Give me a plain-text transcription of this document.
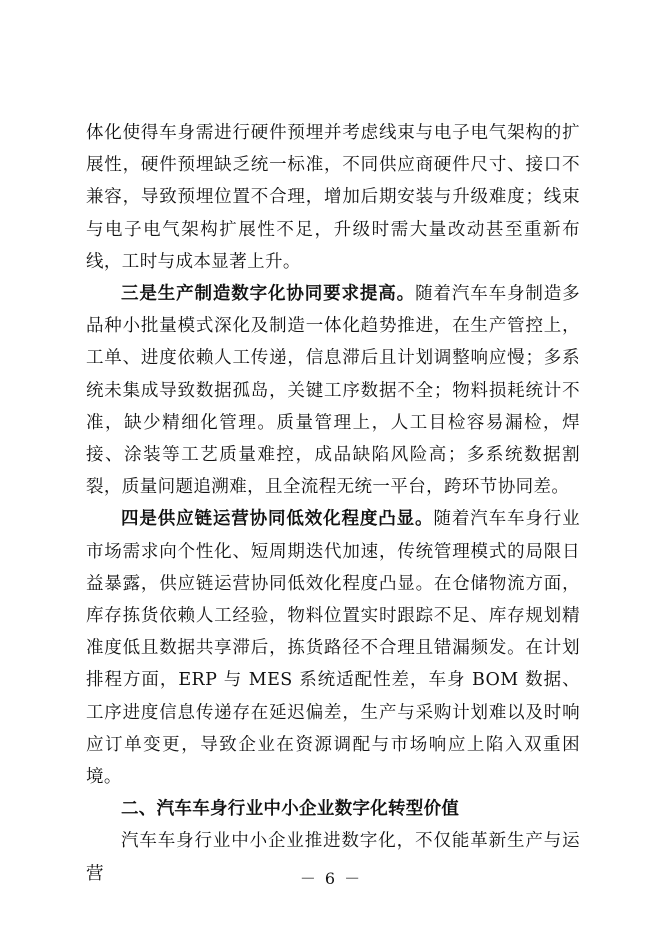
体化使得车身需进行硬件预埋并考虑线束与电子电气架构的扩展性，硬件预埋缺乏统一标准，不同供应商硬件尺寸、接口不兼容，导致预埋位置不合理，增加后期安装与升级难度；线束与电子电气架构扩展性不足，升级时需大量改动甚至重新布线，工时与成本显著上升。

三是生产制造数字化协同要求提高。随着汽车车身制造多品种小批量模式深化及制造一体化趋势推进，在生产管控上，工单、进度依赖人工传递，信息滞后且计划调整响应慢；多系统未集成导致数据孤岛，关键工序数据不全；物料损耗统计不准，缺少精细化管理。质量管理上，人工目检容易漏检，焊接、涂装等工艺质量难控，成品缺陷风险高；多系统数据割裂，质量问题追溯难，且全流程无统一平台，跨环节协同差。

四是供应链运营协同低效化程度凸显。随着汽车车身行业市场需求向个性化、短周期迭代加速，传统管理模式的局限日益暴露，供应链运营协同低效化程度凸显。在仓储物流方面，库存拣货依赖人工经验，物料位置实时跟踪不足、库存规划精准度低且数据共享滞后，拣货路径不合理且错漏频发。在计划排程方面，ERP 与 MES 系统适配性差，车身 BOM 数据、工序进度信息传递存在延迟偏差，生产与采购计划难以及时响应订单变更，导致企业在资源调配与市场响应上陷入双重困境。

二、汽车车身行业中小企业数字化转型价值

汽车车身行业中小企业推进数字化，不仅能革新生产与运营	－ 6 －
